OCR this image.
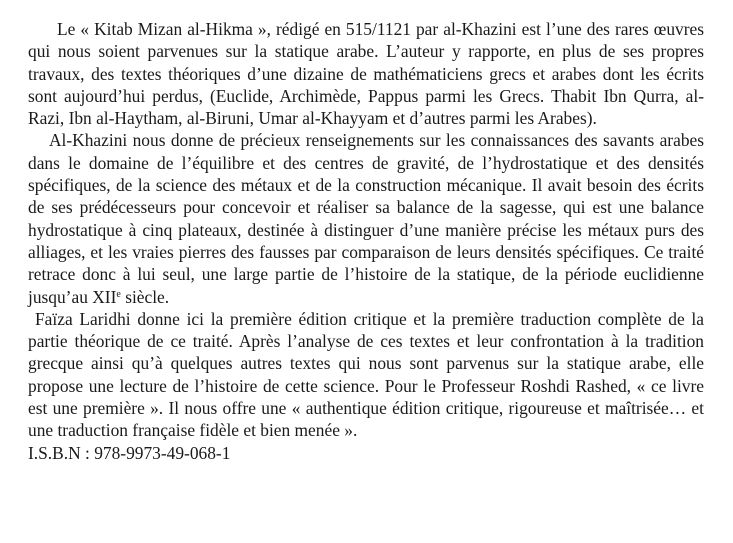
Le « Kitab Mizan al-Hikma », rédigé en 515/1121 par al-Khazini est l’une des rares œuvres qui nous soient parvenues sur la statique arabe. L’auteur y rapporte, en plus de ses propres travaux, des textes théoriques d’une dizaine de mathématiciens grecs et arabes dont les écrits sont aujourd’hui perdus, (Euclide, Archimède, Pappus parmi les Grecs. Thabit Ibn Qurra, al-Razi, Ibn al-Haytham, al-Biruni, Umar al-Khayyam et d’autres parmi les Arabes).

Al-Khazini nous donne de précieux renseignements sur les connaissances des savants arabes dans le domaine de l’équilibre et des centres de gravité, de l’hydrostatique et des densités spécifiques, de la science des métaux et de la construction mécanique. Il avait besoin des écrits de ses prédécesseurs pour concevoir et réaliser sa balance de la sagesse, qui est une balance hydrostatique à cinq plateaux, destinée à distinguer d’une manière précise les métaux purs des alliages, et les vraies pierres des fausses par comparaison de leurs densités spécifiques. Ce traité retrace donc à lui seul, une large partie de l’histoire de la statique, de la période euclidienne jusqu’au XIIe siècle.

Faïza Laridhi donne ici la première édition critique et la première traduction complète de la partie théorique de ce traité. Après l’analyse de ces textes et leur confrontation à la tradition grecque ainsi qu’à quelques autres textes qui nous sont parvenus sur la statique arabe, elle propose une lecture de l’histoire de cette science. Pour le Professeur Roshdi Rashed, « ce livre est une première ». Il nous offre une « authentique édition critique, rigoureuse et maîtrisée… et une traduction française fidèle et bien menée ».

I.S.B.N : 978-9973-49-068-1
